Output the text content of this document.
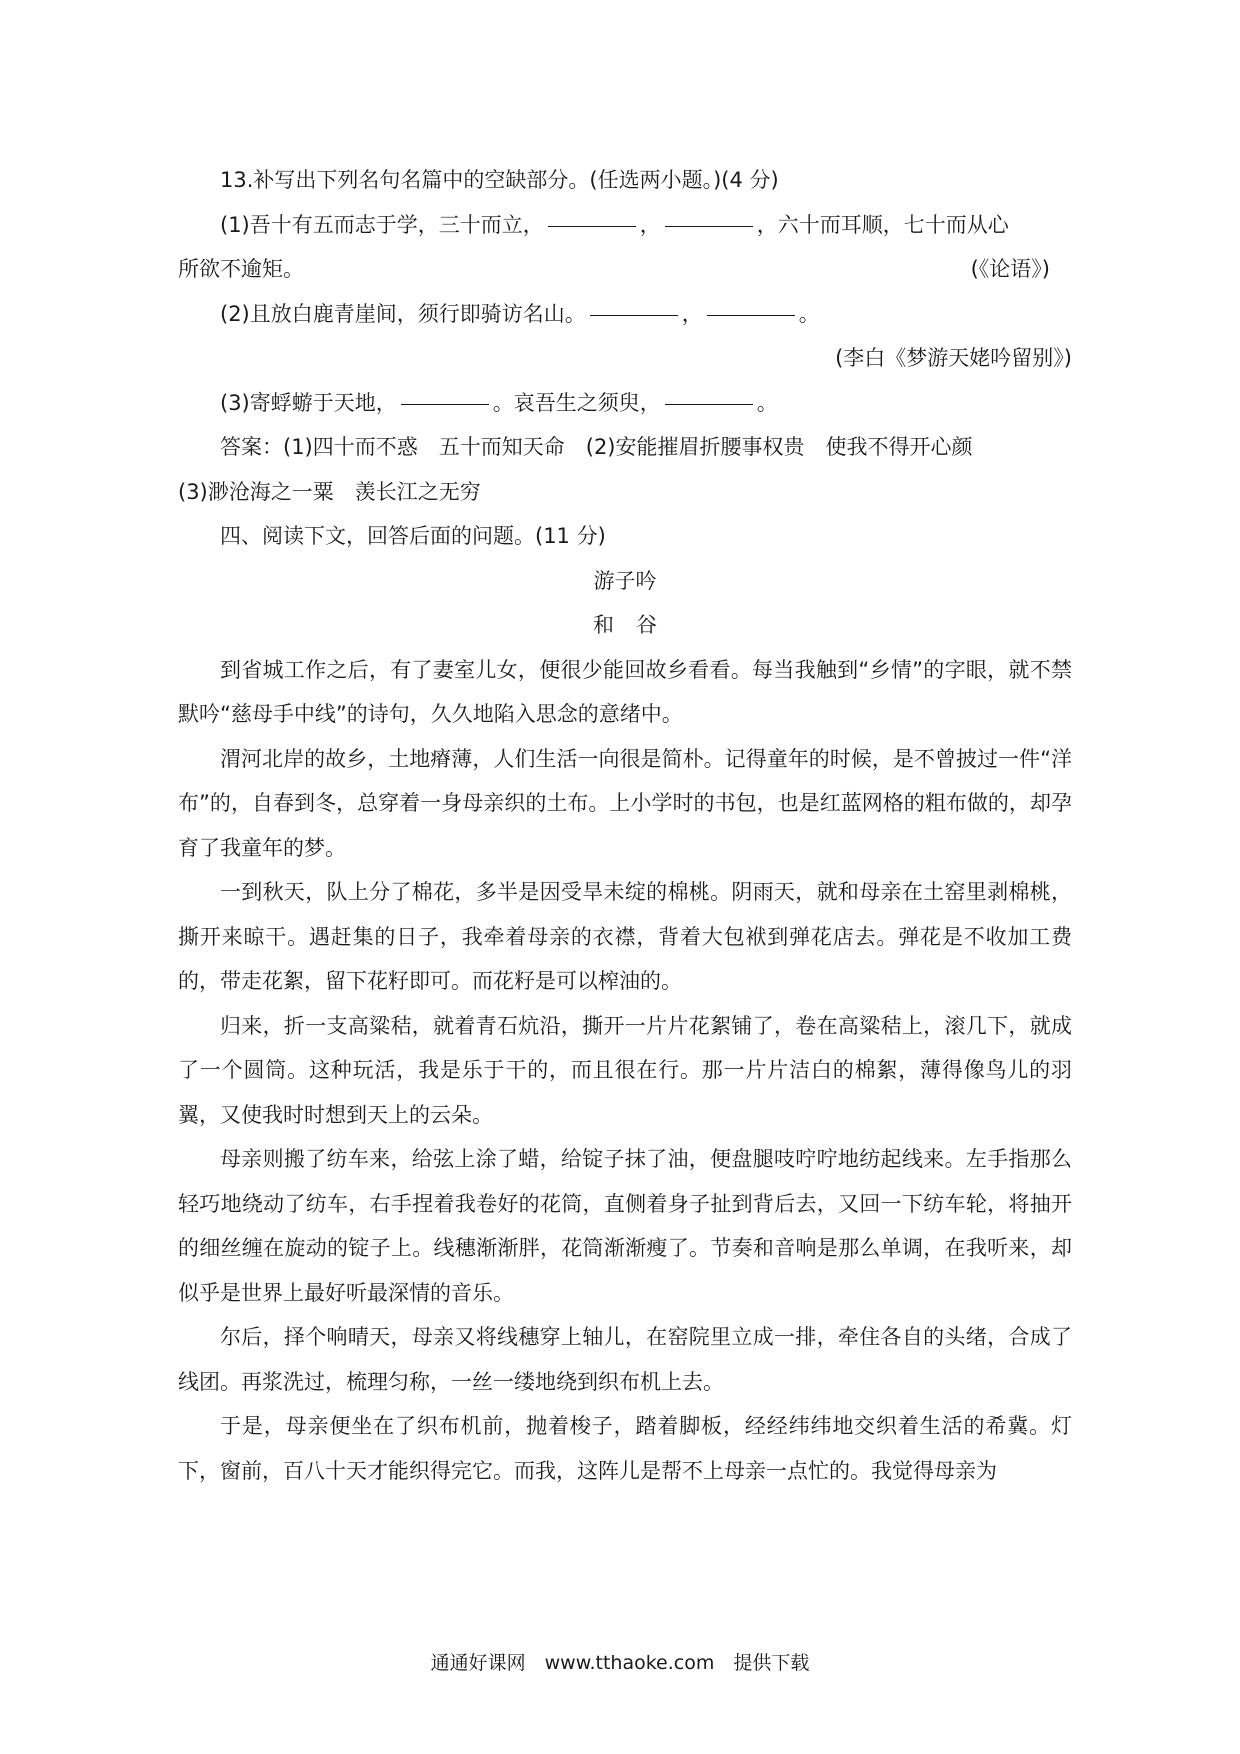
13.补写出下列名句名篇中的空缺部分。(任选两小题。)(4 分)

(1)吾十有五而志于学，三十而立，	，	，六十而耳顺，七十而从心

所欲不逾矩。	(《论语》)

(2)且放白鹿青崖间，须行即骑访名山。	，	。

(李白《梦游天姥吟留别》)

(3)寄蜉蝣于天地，	。哀吾生之须臾，	。

答案：(1)四十而不惑　五十而知天命　(2)安能摧眉折腰事权贵　使我不得开心颜

(3)渺沧海之一粟　羡长江之无穷

四、阅读下文，回答后面的问题。(11 分)

游子吟

和谷

到省城工作之后，有了妻室儿女，便很少能回故乡看看。每当我触到“乡情”的字眼，就不禁默吟“慈母手中线”的诗句，久久地陷入思念的意绪中。

渭河北岸的故乡，土地瘠薄，人们生活一向很是简朴。记得童年的时候，是不曾披过一件“洋布”的，自春到冬，总穿着一身母亲织的土布。上小学时的书包，也是红蓝网格的粗布做的，却孕育了我童年的梦。

一到秋天，队上分了棉花，多半是因受旱未绽的棉桃。阴雨天，就和母亲在土窑里剥棉桃，撕开来晾干。遇赶集的日子，我牵着母亲的衣襟，背着大包袱到弹花店去。弹花是不收加工费的，带走花絮，留下花籽即可。而花籽是可以榨油的。

归来，折一支高粱秸，就着青石炕沿，撕开一片片花絮铺了，卷在高粱秸上，滚几下，就成了一个圆筒。这种玩活，我是乐于干的，而且很在行。那一片片洁白的棉絮，薄得像鸟儿的羽翼，又使我时时想到天上的云朵。

母亲则搬了纺车来，给弦上涂了蜡，给锭子抹了油，便盘腿吱咛咛地纺起线来。左手指那么轻巧地绕动了纺车，右手捏着我卷好的花筒，直侧着身子扯到背后去，又回一下纺车轮，将抽开的细丝缠在旋动的锭子上。线穗渐渐胖，花筒渐渐瘦了。节奏和音响是那么单调，在我听来，却似乎是世界上最好听最深情的音乐。

尔后，择个响晴天，母亲又将线穗穿上轴儿，在窑院里立成一排，牵住各自的头绪，合成了线团。再浆洗过，梳理匀称，一丝一缕地绕到织布机上去。

于是，母亲便坐在了织布机前，抛着梭子，踏着脚板，经经纬纬地交织着生活的希冀。灯下，窗前，百八十天才能织得完它。而我，这阵儿是帮不上母亲一点忙的。我觉得母亲为

通通好课网　www.tthaoke.com　提供下载
